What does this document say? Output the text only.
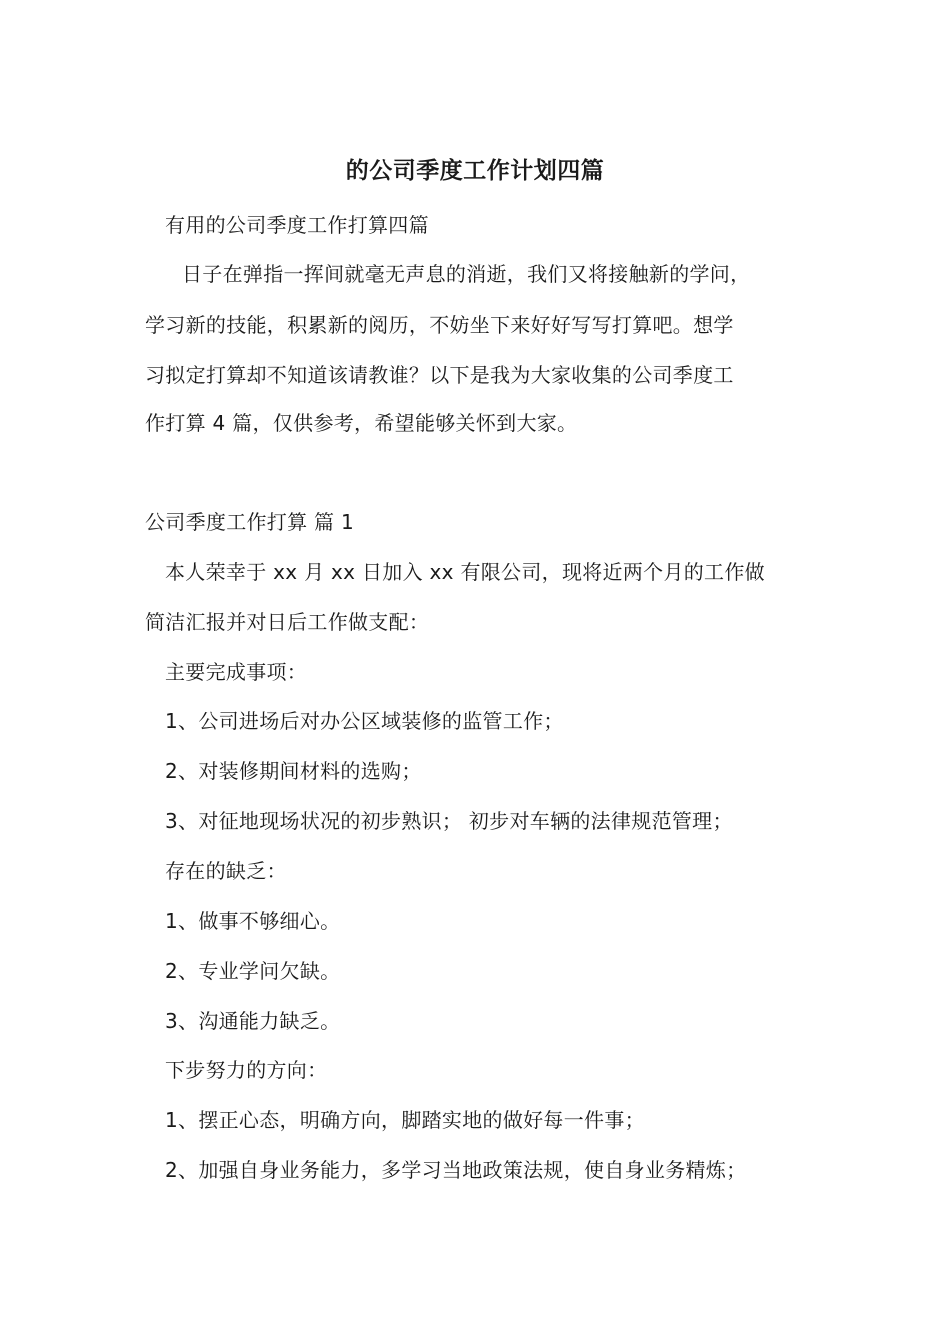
的公司季度工作计划四篇
有用的公司季度工作打算四篇
日子在弹指一挥间就毫无声息的消逝，我们又将接触新的学问，
学习新的技能，积累新的阅历，不妨坐下来好好写写打算吧。想学
习拟定打算却不知道该请教谁？以下是我为大家收集的公司季度工
作打算 4 篇，仅供参考，希望能够关怀到大家。
公司季度工作打算 篇 1
本人荣幸于 xx 月 xx 日加入 xx 有限公司，现将近两个月的工作做
简洁汇报并对日后工作做支配：
主要完成事项：
1、公司进场后对办公区域装修的监管工作；
2、对装修期间材料的选购；
3、对征地现场状况的初步熟识； 初步对车辆的法律规范管理；
存在的缺乏：
1、做事不够细心。
2、专业学问欠缺。
3、沟通能力缺乏。
下步努力的方向：
1、摆正心态，明确方向，脚踏实地的做好每一件事；
2、加强自身业务能力，多学习当地政策法规，使自身业务精炼；
